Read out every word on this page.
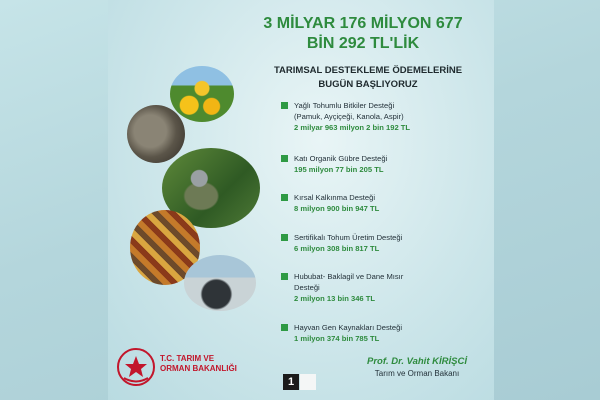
3 MİLYAR 176 MİLYON 677
BİN 292 TL'LİK
TARIMSAL DESTEKLEME ÖDEMELERİNE
BUGÜN BAŞLIYORUZ
Yağlı Tohumlu Bitkiler Desteği
(Pamuk, Ayçiçeği, Kanola, Aspir)
2 milyar 963 milyon 2 bin 192 TL
Katı Organik Gübre Desteği
195 milyon 77 bin 205 TL
Kırsal Kalkınma Desteği
8 milyon 900 bin 947 TL
Sertifikalı Tohum Üretim Desteği
6 milyon 308 bin 817 TL
Hububat- Baklagil ve Dane Mısır
Desteği
2 milyon 13 bin 346 TL
Hayvan Gen Kaynakları Desteği
1 milyon 374 bin 785 TL
T.C. TARIM VE
ORMAN BAKANLIĞI
1
Prof. Dr. Vahit KİRİŞCİ
Tarım ve Orman Bakanı
